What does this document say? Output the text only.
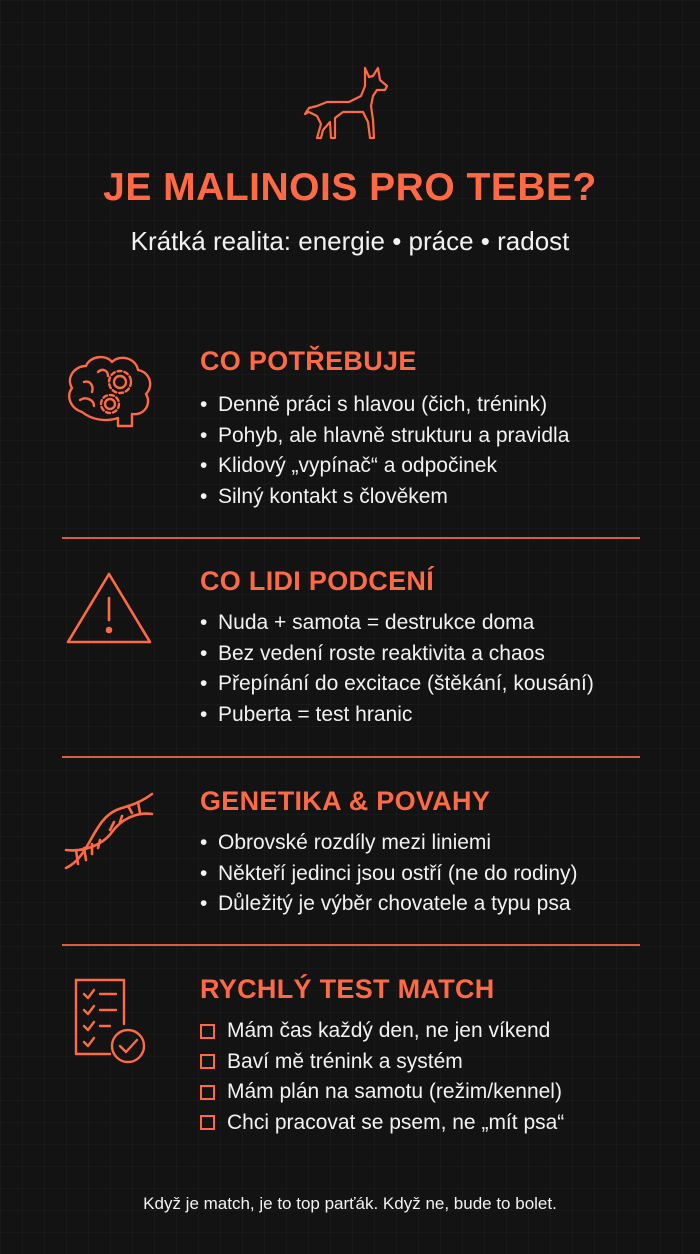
JE MALINOIS PRO TEBE?

Krátká realita: energie • práce • radost

CO POTŘEBUJE
• Denně práci s hlavou (čich, trénink)
• Pohyb, ale hlavně strukturu a pravidla
• Klidový „vypínač“ a odpočinek
• Silný kontakt s člověkem
CO LIDI PODCENÍ
• Nuda + samota = destrukce doma
• Bez vedení roste reaktivita a chaos
• Přepínání do excitace (štěkání, kousání)
• Puberta = test hranic
GENETIKA & POVAHY
• Obrovské rozdíly mezi liniemi
• Někteří jedinci jsou ostří (ne do rodiny)
• Důležitý je výběr chovatele a typu psa
RYCHLÝ TEST MATCH
Mám čas každý den, ne jen víkend
Baví mě trénink a systém
Mám plán na samotu (režim/kennel)
Chci pracovat se psem, ne „mít psa“

Když je match, je to top parťák. Když ne, bude to bolet.
